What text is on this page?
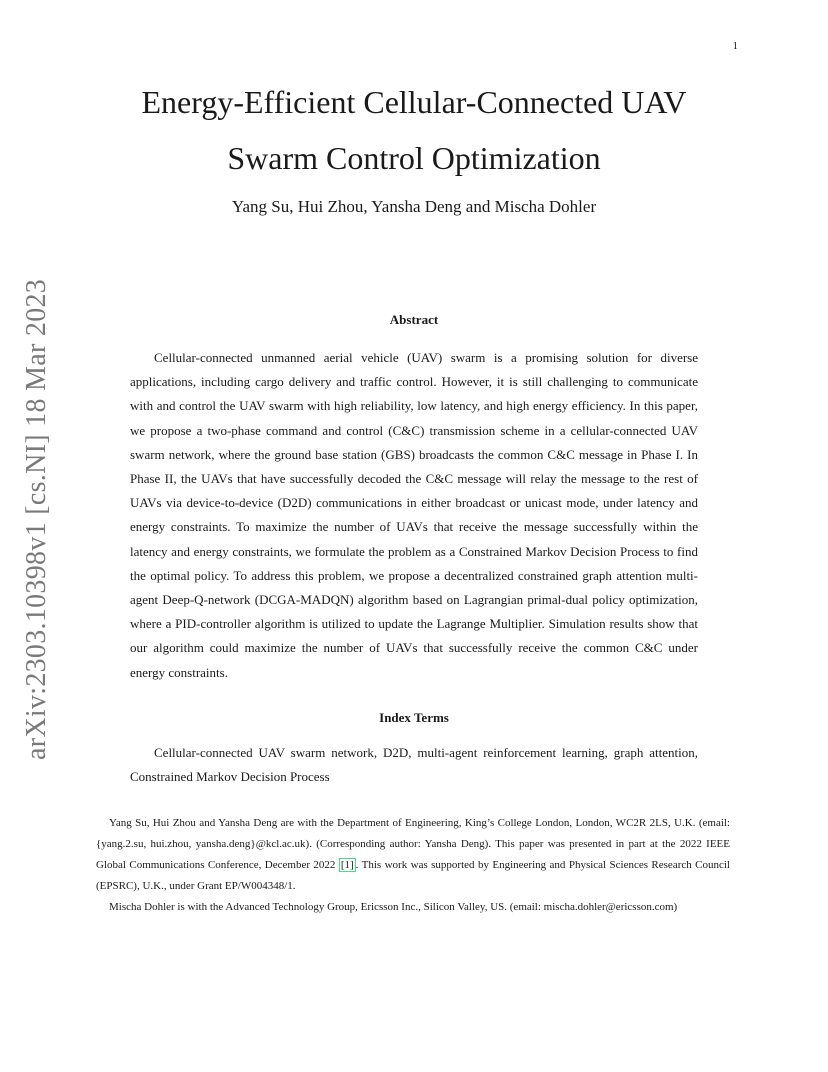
1
arXiv:2303.10398v1 [cs.NI] 18 Mar 2023
Energy-Efficient Cellular-Connected UAV
Swarm Control Optimization

Yang Su, Hui Zhou, Yansha Deng and Mischa Dohler

Abstract

Cellular-connected unmanned aerial vehicle (UAV) swarm is a promising solution for diverse applications, including cargo delivery and traffic control. However, it is still challenging to communicate with and control the UAV swarm with high reliability, low latency, and high energy efficiency. In this paper, we propose a two-phase command and control (C&C) transmission scheme in a cellular-connected UAV swarm network, where the ground base station (GBS) broadcasts the common C&C message in Phase I. In Phase II, the UAVs that have successfully decoded the C&C message will relay the message to the rest of UAVs via device-to-device (D2D) communications in either broadcast or unicast mode, under latency and energy constraints. To maximize the number of UAVs that receive the message successfully within the latency and energy constraints, we formulate the problem as a Constrained Markov Decision Process to find the optimal policy. To address this problem, we propose a decentralized constrained graph attention multi-agent Deep-Q-network (DCGA-MADQN) algorithm based on Lagrangian primal-dual policy optimization, where a PID-controller algorithm is utilized to update the Lagrange Multiplier. Simulation results show that our algorithm could maximize the number of UAVs that successfully receive the common C&C under energy constraints.

Index Terms

Cellular-connected UAV swarm network, D2D, multi-agent reinforcement learning, graph attention, Constrained Markov Decision Process

Yang Su, Hui Zhou and Yansha Deng are with the Department of Engineering, King’s College London, London, WC2R 2LS, U.K. (email:{yang.2.su, hui.zhou, yansha.deng}@kcl.ac.uk). (Corresponding author: Yansha Deng). This paper was presented in part at the 2022 IEEE Global Communications Conference, December 2022 [1] . This work was supported by Engineering and Physical Sciences Research Council (EPSRC), U.K., under Grant EP/W004348/1.

Mischa Dohler is with the Advanced Technology Group, Ericsson Inc., Silicon Valley, US. (email: mischa.dohler@ericsson.com)
